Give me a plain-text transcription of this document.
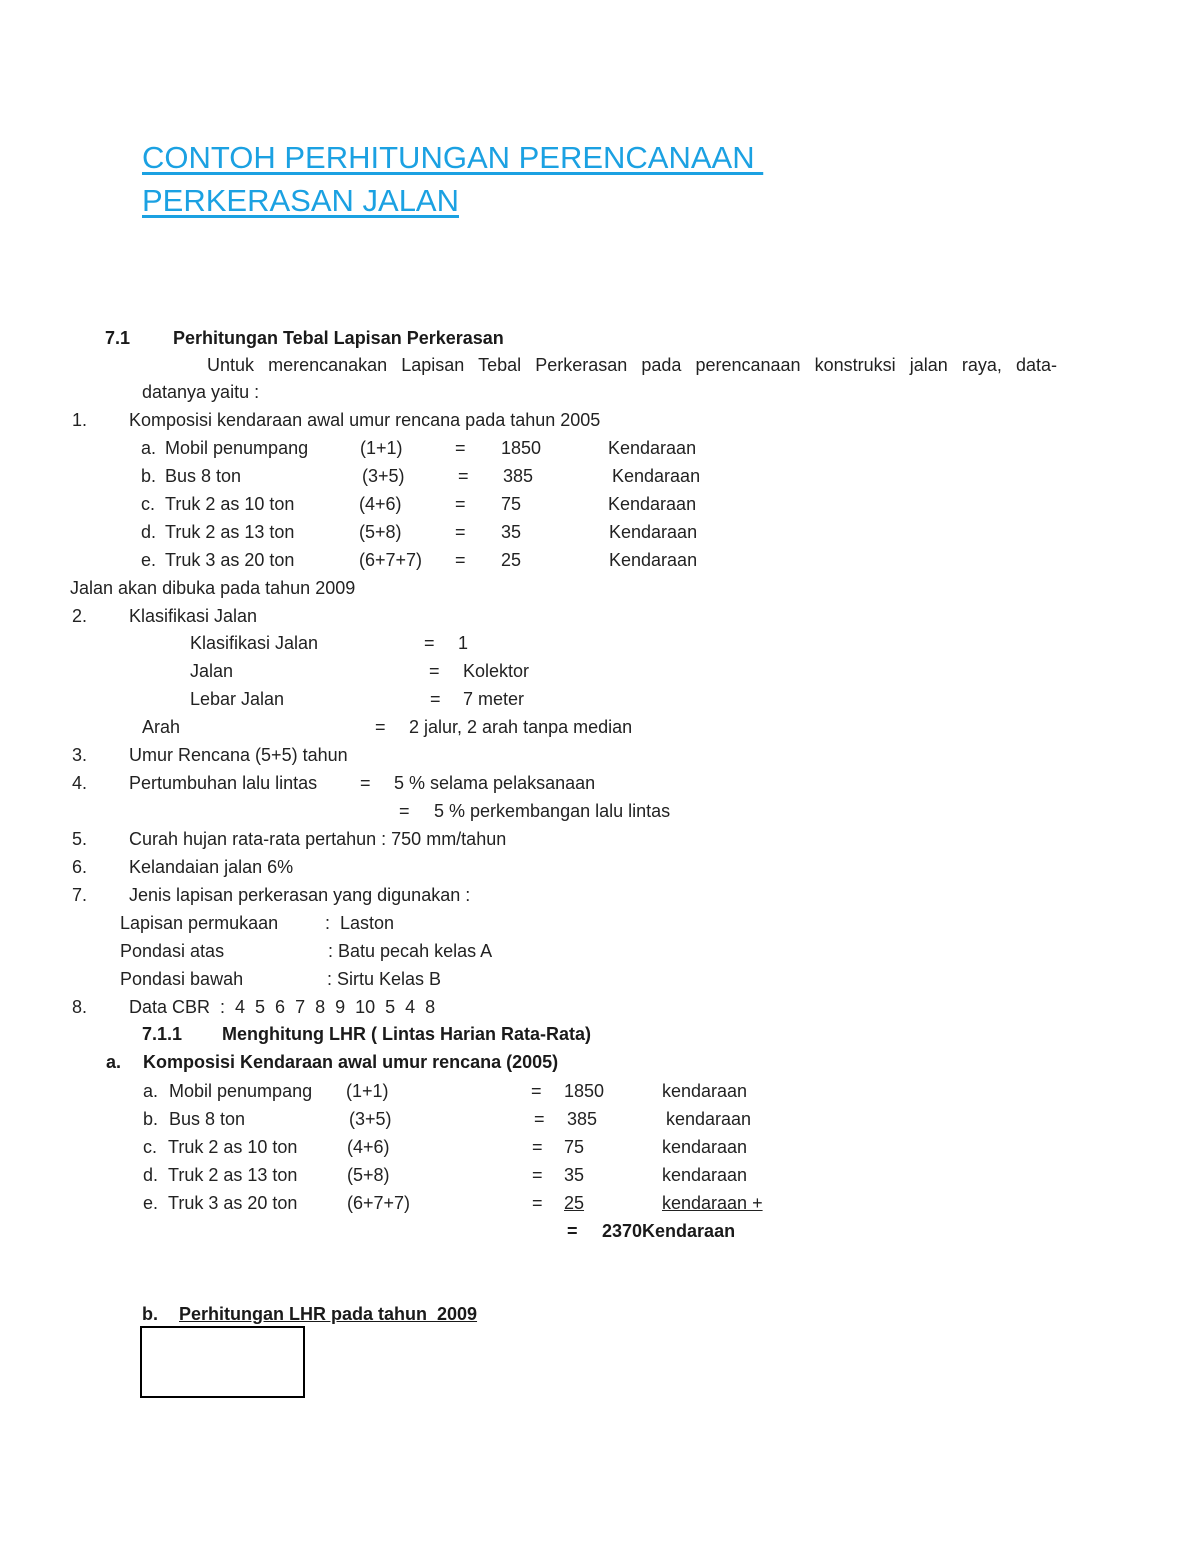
CONTOH PERHITUNGAN PERENCANAAN
PERKERASAN JALAN
7.1 Perhitungan Tebal Lapisan Perkerasan
Untuk merencanakan Lapisan Tebal Perkerasan pada perencanaan konstruksi jalan raya, data-
datanya yaitu :
1. Komposisi kendaraan awal umur rencana pada tahun 2005
a. Mobil penumpang	(1+1)	= 1850	Kendaraan
b. Bus 8 ton	(3+5)	= 385	Kendaraan
c. Truk 2 as 10 ton	(4+6)	= 75	Kendaraan
d. Truk 2 as 13 ton	(5+8)	= 35	Kendaraan
e. Truk 3 as 20 ton	(6+7+7) = 25	Kendaraan
Jalan akan dibuka pada tahun 2009
2. Klasifikasi Jalan
Klasifikasi Jalan	= 1
Jalan	= Kolektor
Lebar Jalan	= 7 meter
Arah	= 2 jalur, 2 arah tanpa median
3. Umur Rencana (5+5) tahun
4. Pertumbuhan lalu lintas = 5 % selama pelaksanaan
= 5 % perkembangan lalu lintas
5. Curah hujan rata-rata pertahun : 750 mm/tahun
6. Kelandaian jalan 6%
7. Jenis lapisan perkerasan yang digunakan :
Lapisan permukaan	:  Laston
Pondasi atas	: Batu pecah kelas A
Pondasi bawah	: Sirtu Kelas B
8. Data CBR  :  4  5  6  7  8  9  10  5  4  8
7.1.1 Menghitung LHR ( Lintas Harian Rata-Rata)
a. Komposisi Kendaraan awal umur rencana (2005)
a. Mobil penumpang (1+1)	= 1850	kendaraan
b. Bus 8 ton	(3+5)	= 385	kendaraan
c. Truk 2 as 10 ton	(4+6)	= 75	kendaraan
d. Truk 2 as 13 ton	(5+8)	= 35	kendaraan
e. Truk 3 as 20 ton	(6+7+7)	= 25	kendaraan +
= 2370Kendaraan
b. Perhitungan LHR pada tahun  2009
